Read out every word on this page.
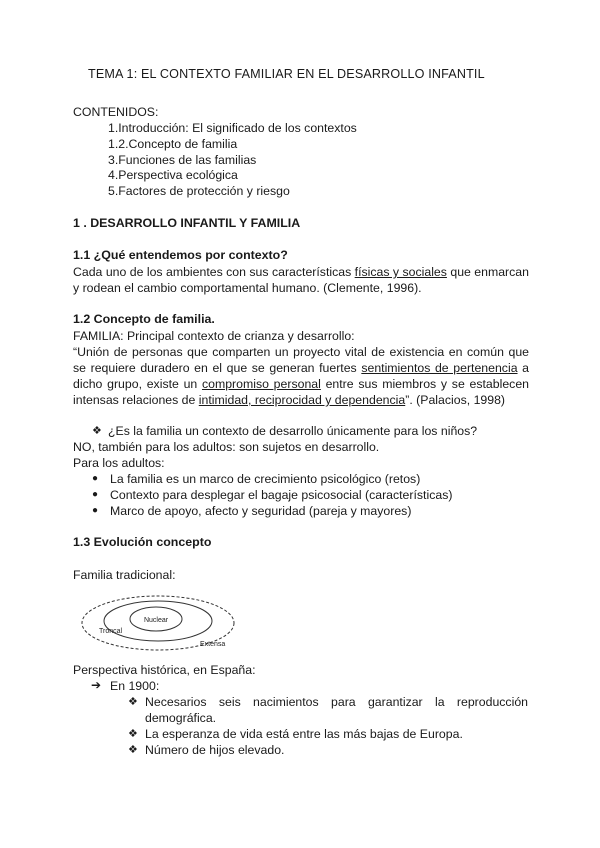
TEMA 1: EL CONTEXTO FAMILIAR EN EL DESARROLLO INFANTIL
CONTENIDOS:
1.Introducción: El significado de los contextos
1.2.Concepto de familia
3.Funciones de las familias
4.Perspectiva ecológica
5.Factores de protección y riesgo
1 . DESARROLLO INFANTIL Y FAMILIA
1.1 ¿Qué entendemos por contexto?
Cada uno de los ambientes con sus características físicas y sociales que enmarcan y rodean el cambio comportamental humano. (Clemente, 1996).
1.2 Concepto de familia.
FAMILIA: Principal contexto de crianza y desarrollo:
“Unión de personas que comparten un proyecto vital de existencia en común que se requiere duradero en el que se generan fuertes sentimientos de pertenencia a dicho grupo, existe un compromiso personal entre sus miembros y se establecen intensas relaciones de intimidad, reciprocidad y dependencia”. (Palacios, 1998)
❖ ¿Es la familia un contexto de desarrollo únicamente para los niños?
NO, también para los adultos: son sujetos en desarrollo.
Para los adultos:
● La familia es un marco de crecimiento psicológico (retos)
● Contexto para desplegar el bagaje psicosocial (características)
● Marco de apoyo, afecto y seguridad (pareja y mayores)
1.3 Evolución concepto
Familia tradicional:
Nuclear
Troncal
Extensa
Perspectiva histórica, en España:
➔ En 1900:
❖ Necesarios seis nacimientos para garantizar la reproducción demográfica.
❖ La esperanza de vida está entre las más bajas de Europa.
❖ Número de hijos elevado.
